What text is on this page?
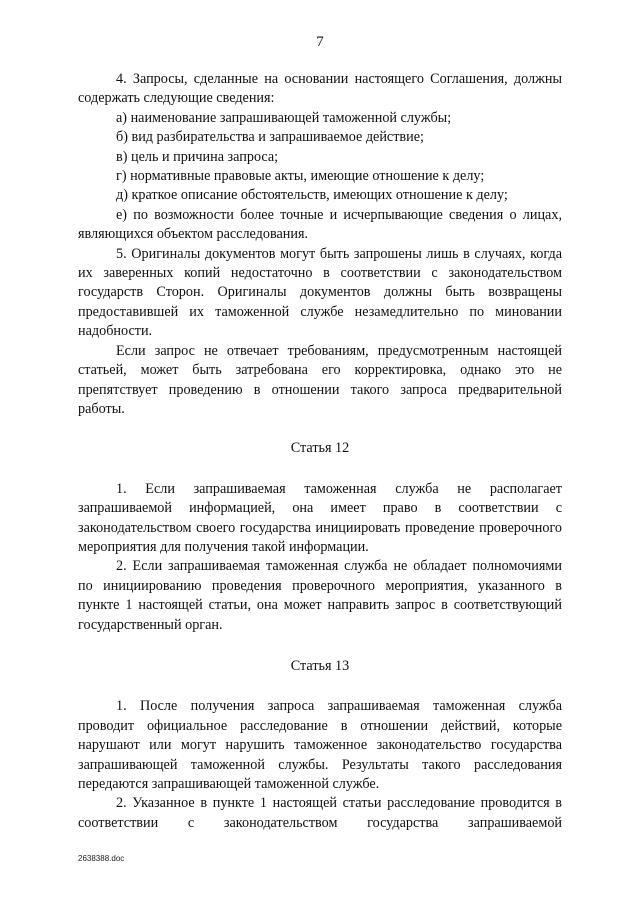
7

4. Запросы, сделанные на основании настоящего Соглашения, должны содержать следующие сведения:

а) наименование запрашивающей таможенной службы;

б) вид разбирательства и запрашиваемое действие;

в) цель и причина запроса;

г) нормативные правовые акты, имеющие отношение к делу;

д) краткое описание обстоятельств, имеющих отношение к делу;

е) по возможности более точные и исчерпывающие сведения о лицах, являющихся объектом расследования.

5. Оригиналы документов могут быть запрошены лишь в случаях, когда их заверенных копий недостаточно в соответствии с законодательством государств Сторон. Оригиналы документов должны быть возвращены предоставившей их таможенной службе незамедлительно по миновании надобности.

Если запрос не отвечает требованиям, предусмотренным настоящей статьей, может быть затребована его корректировка, однако это не препятствует проведению в отношении такого запроса предварительной работы.

Статья 12

1. Если запрашиваемая таможенная служба не располагает запрашиваемой информацией, она имеет право в соответствии с законодательством своего государства инициировать проведение проверочного мероприятия для получения такой информации.

2. Если запрашиваемая таможенная служба не обладает полномочиями по инициированию проведения проверочного мероприятия, указанного в пункте 1 настоящей статьи, она может направить запрос в соответствующий государственный орган.

Статья 13

1. После получения запроса запрашиваемая таможенная служба проводит официальное расследование в отношении действий, которые нарушают или могут нарушить таможенное законодательство государства запрашивающей таможенной службы. Результаты такого расследования передаются запрашивающей таможенной службе.

2. Указанное в пункте 1 настоящей статьи расследование проводится в соответствии с законодательством государства запрашиваемой

2638388.doc
